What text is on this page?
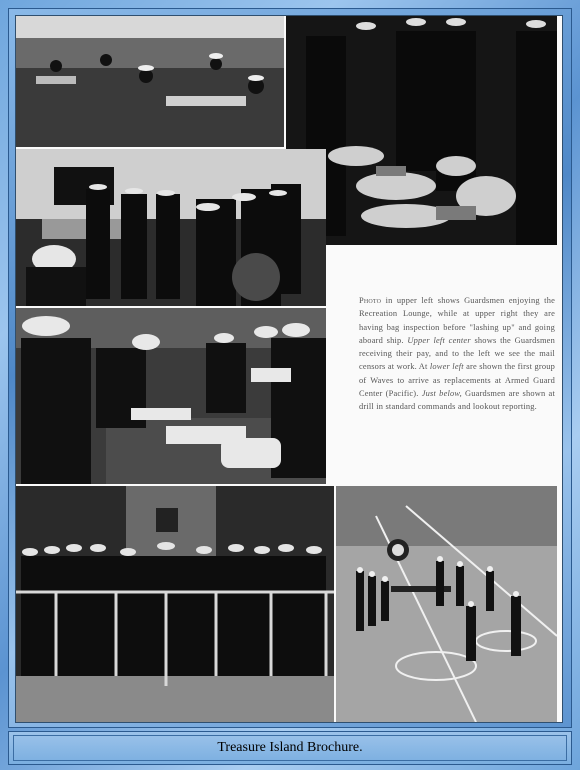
Photo in upper left shows Guardsmen enjoying the Recreation Lounge, while at upper right they are having bag inspection before "lashing up" and going aboard ship. Upper left center shows the Guardsmen receiving their pay, and to the left we see the mail censors at work. At lower left are shown the first group of Waves to arrive as replacements at Armed Guard Center (Pacific). Just below, Guardsmen are shown at drill in standard commands and lookout reporting.
Treasure Island Brochure.
